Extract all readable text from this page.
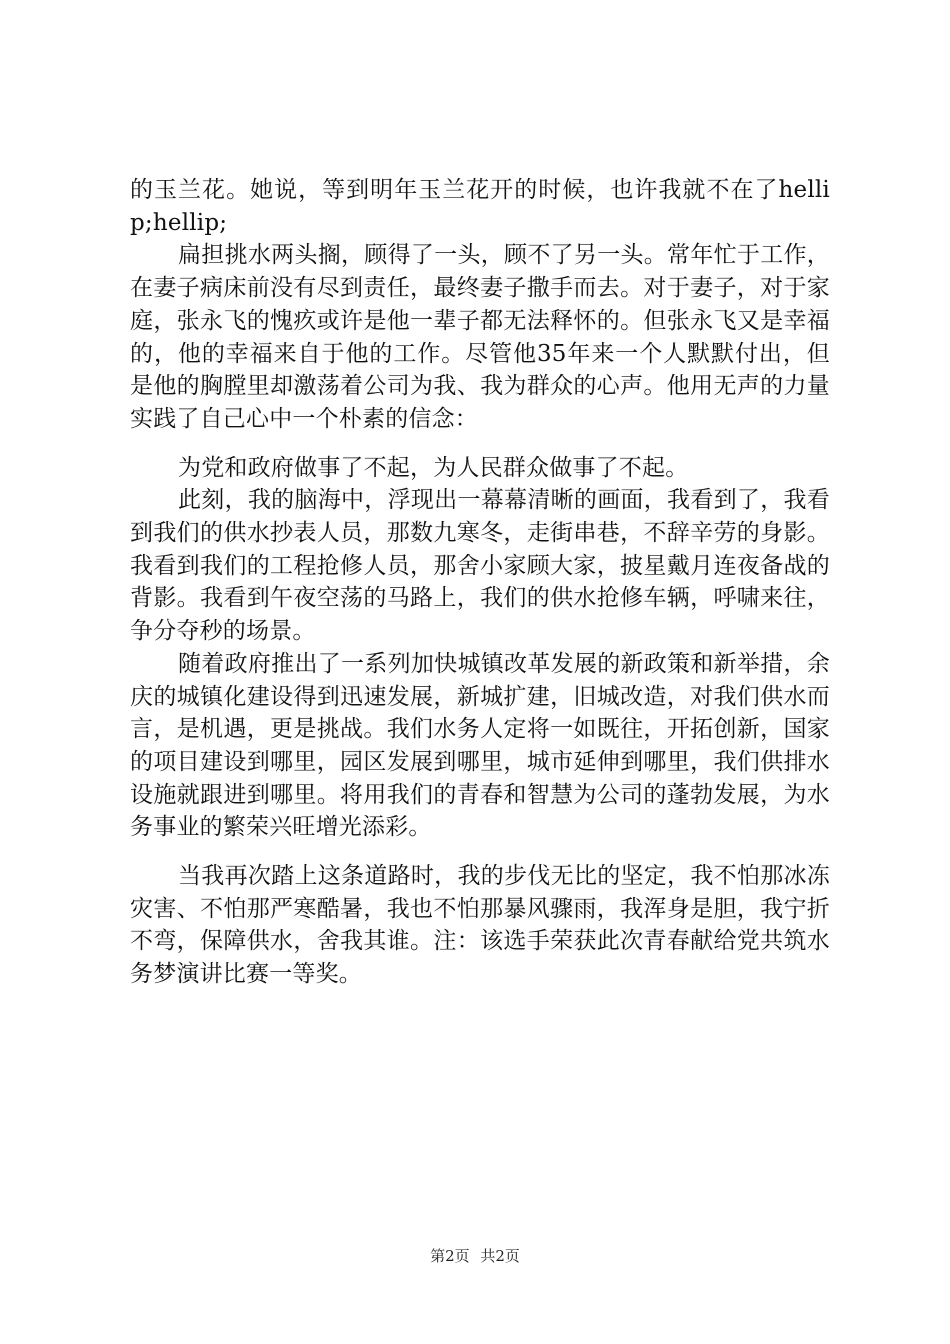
的玉兰花。她说，等到明年玉兰花开的时候，也许我就不在了hellip;hellip;

扁担挑水两头搁，顾得了一头，顾不了另一头。常年忙于工作，在妻子病床前没有尽到责任，最终妻子撒手而去。对于妻子，对于家庭，张永飞的愧疚或许是他一辈子都无法释怀的。但张永飞又是幸福的，他的幸福来自于他的工作。尽管他35年来一个人默默付出，但是他的胸膛里却激荡着公司为我、我为群众的心声。他用无声的力量实践了自己心中一个朴素的信念：

为党和政府做事了不起，为人民群众做事了不起。

此刻，我的脑海中，浮现出一幕幕清晰的画面，我看到了，我看到我们的供水抄表人员，那数九寒冬，走街串巷，不辞辛劳的身影。我看到我们的工程抢修人员，那舍小家顾大家，披星戴月连夜备战的背影。我看到午夜空荡的马路上，我们的供水抢修车辆，呼啸来往，争分夺秒的场景。

随着政府推出了一系列加快城镇改革发展的新政策和新举措，余庆的城镇化建设得到迅速发展，新城扩建，旧城改造，对我们供水而言，是机遇，更是挑战。我们水务人定将一如既往，开拓创新，国家的项目建设到哪里，园区发展到哪里，城市延伸到哪里，我们供排水设施就跟进到哪里。将用我们的青春和智慧为公司的蓬勃发展，为水务事业的繁荣兴旺增光添彩。

当我再次踏上这条道路时，我的步伐无比的坚定，我不怕那冰冻灾害、不怕那严寒酷暑，我也不怕那暴风骤雨，我浑身是胆，我宁折不弯，保障供水，舍我其谁。注：该选手荣获此次青春献给党共筑水务梦演讲比赛一等奖。

第2页 共2页
